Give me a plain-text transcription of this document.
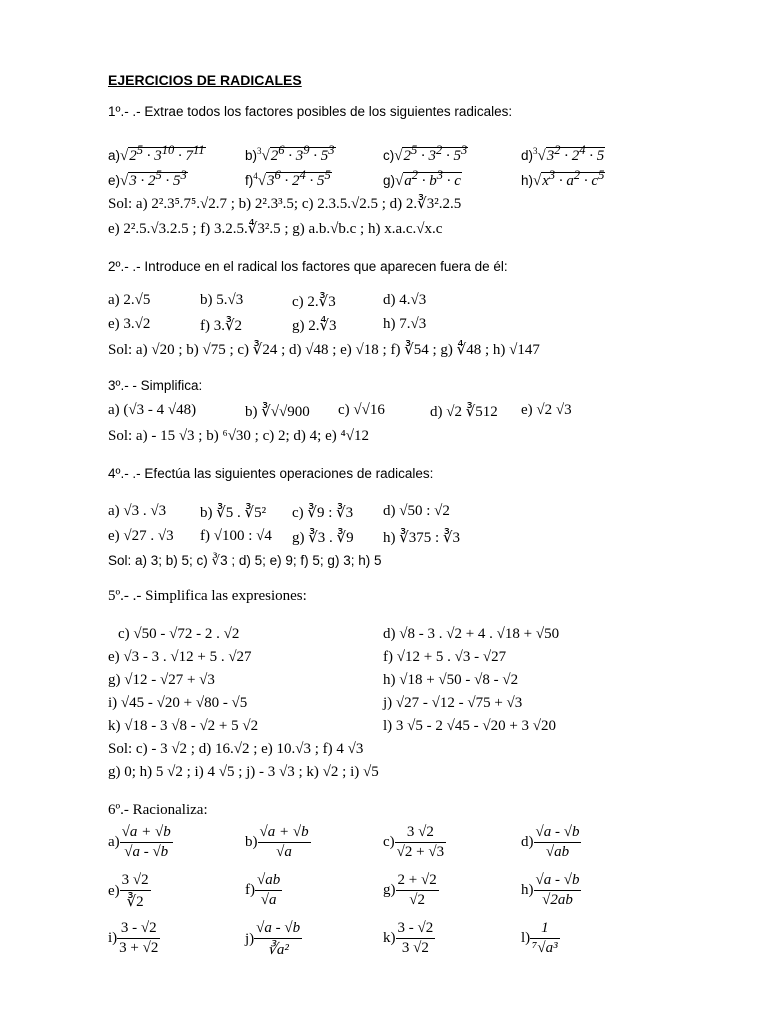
EJERCICIOS DE RADICALES
1º.- .- Extrae todos los factores posibles de los siguientes radicales:
$a)√2^5 \cdot 3^{10} \cdot 7^{11}$	$b)^3√2^6 \cdot 3^9 \cdot 5^3$	$c)√2^5 \cdot 3^2 \cdot 5^3$	$d)^3√3^2 \cdot 2^4 \cdot 5$
$e)√3 \cdot 2^5 \cdot 5^3$	$f)^4√3^6 \cdot 2^4 \cdot 5^5$	$g)√a^2 \cdot b^3 \cdot c$	$h)√x^3 \cdot a^2 \cdot c^5$
Sol: a) 2².3⁵.7⁵.√2.7 ; b) 2².3³.5; c) 2.3.5.√2.5 ; d) 2.∛3².2.5
e) 2².5.√3.2.5 ; f) 3.2.5.∜3².5 ; g) a.b.√b.c ; h) x.a.c.√x.c
2º.- .- Introduce en el radical los factores que aparecen fuera de él:
a) 2.√5	b) 5.√3	c) 2.∛3	d) 4.√3
e) 3.√2	f) 3.∛2	g) 2.∜3	h) 7.√3
Sol: a) √20 ; b) √75 ; c) ∛24 ; d) √48 ; e) √18 ; f) ∛54 ; g) ∜48 ; h) √147
3º.- - Simplifica:
a) (√3 - 4 √48)	b) ∛√√900 c) √√16	d) √2 ∛512 e) √2 √3
Sol: a) - 15 √3 ; b) ⁶√30 ; c) 2; d) 4; e) ⁴√12
4º.- .- Efectúa las siguientes operaciones de radicales:
a) √3 . √3 b) ∛5 . ∛5² c) ∛9 : ∛3 d) √50 : √2
e) √27 . √3 f) √100 : √4 g) ∛3 . ∛9 h) ∛375 : ∛3
Sol: a) 3; b) 5; c) ∛3 ; d) 5; e) 9; f) 5; g) 3; h) 5
5º.- .- Simplifica las expresiones:
c) √50 - √72 - 2 . √2	d) √8 - 3 . √2 + 4 . √18 + √50
e) √3 - 3 . √12 + 5 . √27	f) √12 + 5 . √3 - √27
g) √12 - √27 + √3	h) √18 + √50 - √8 - √2
i) √45 - √20 + √80 - √5	j) √27 - √12 - √75 + √3
k) √18 - 3 √8 - √2 + 5 √2	l) 3 √5 - 2 √45 - √20 + 3 √20
Sol: c) - 3 √2 ; d) 16.√2 ; e) 10.√3 ; f) 4 √3
g) 0; h) 5 √2 ; i) 4 √5 ; j) - 3 √3 ; k) √2 ; i) √5
6º.- Racionaliza:
$a) \frac{√a + √b}{√a - √b}$	$b) \frac{√a + √b}{√a}$	$c) \frac{3 √2}{√2 + √3}$	$d) \frac{√a - √b}{√ab}$
$e) \frac{3 √2}{∛2}$	$f) \frac{√ab}{√a}$	$g) \frac{2 + √2}{√2}$	$h) \frac{√a - √b}{√2ab}$
$i) \frac{3 - √2}{3 + √2}$	$j) \frac{√a - √b}{\text{∛a²}}$	$k) \frac{3 - √2}{3 √2}$	$l) \frac{1}{\text{⁷√a³}}$
